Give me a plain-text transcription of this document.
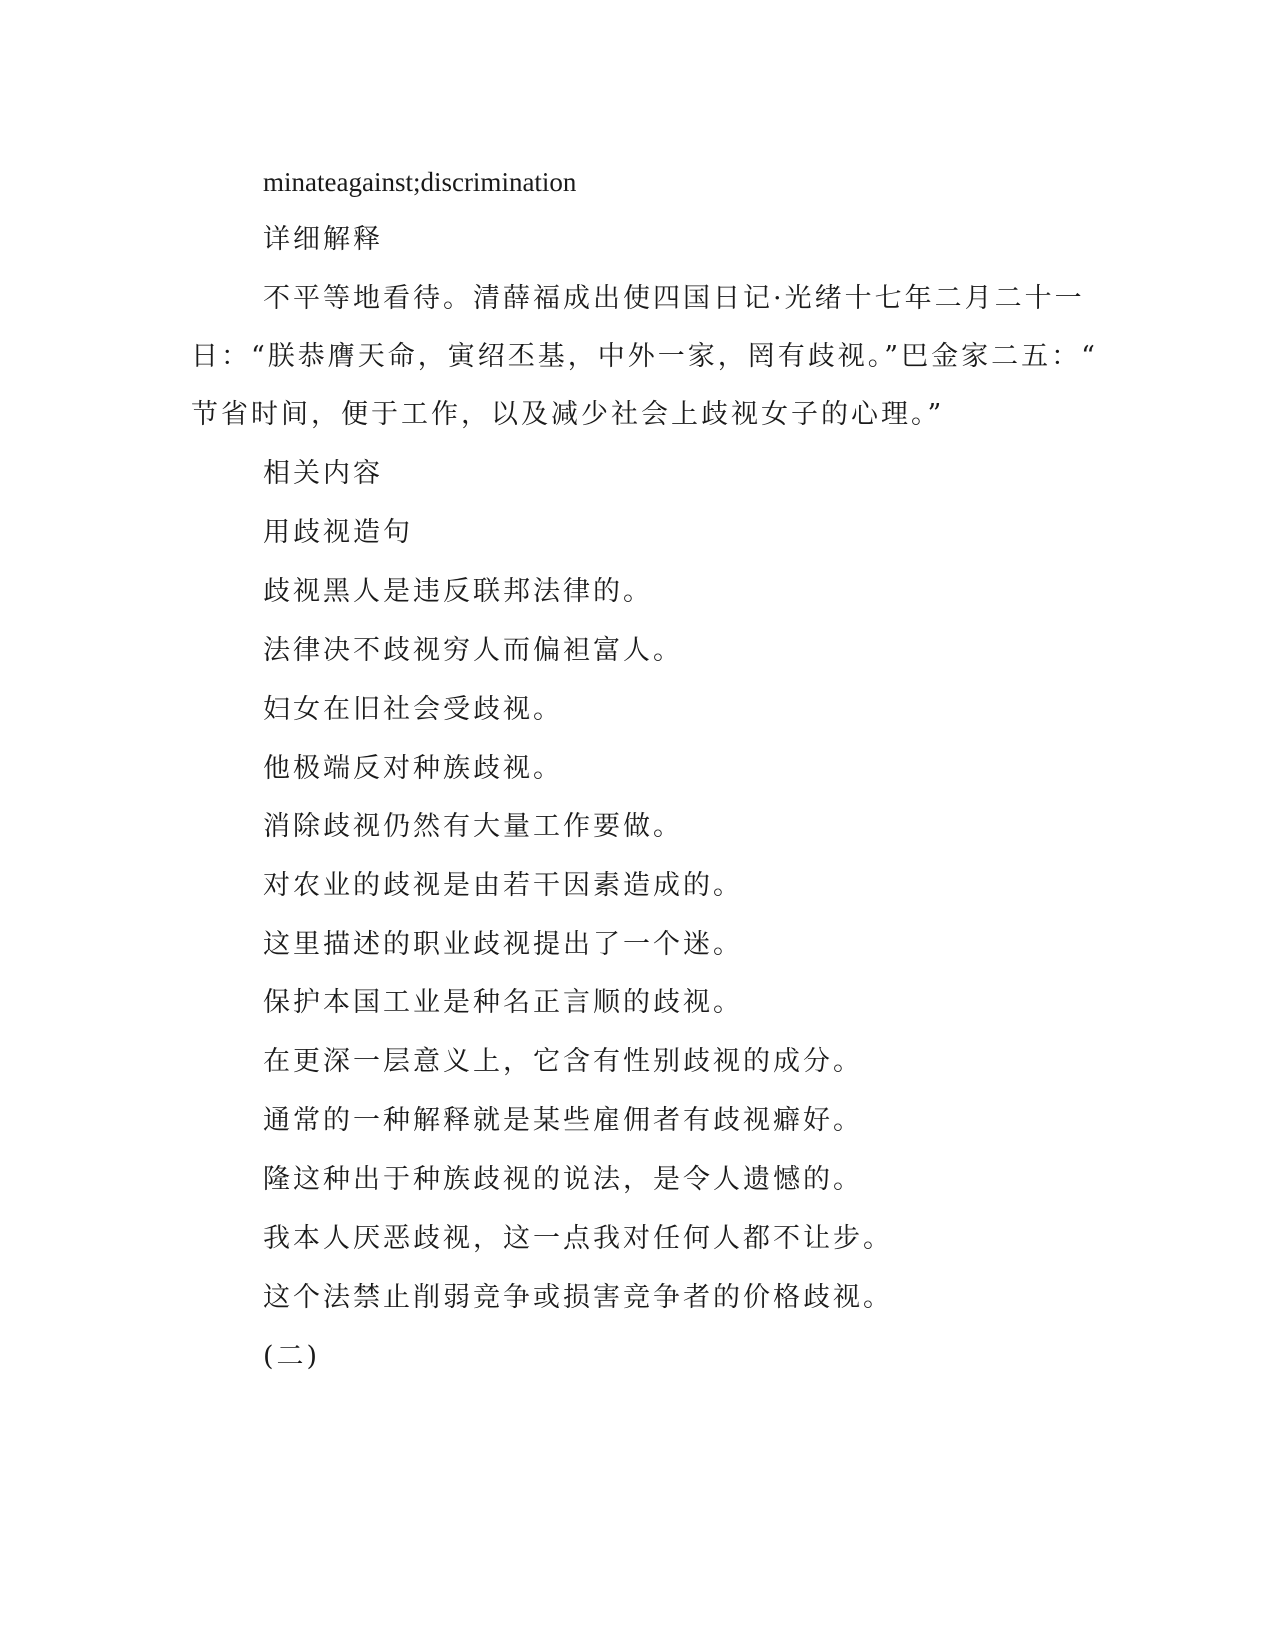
minateagainst;discrimination

详细解释

不平等地看待。清薛福成出使四国日记·光绪十七年二月二十一

日：“朕恭膺天命，寅绍丕基，中外一家，罔有歧视。”巴金家二五：“

节省时间，便于工作，以及减少社会上歧视女子的心理。”

相关内容

用歧视造句

歧视黑人是违反联邦法律的。

法律决不歧视穷人而偏袒富人。

妇女在旧社会受歧视。

他极端反对种族歧视。

消除歧视仍然有大量工作要做。

对农业的歧视是由若干因素造成的。

这里描述的职业歧视提出了一个迷。

保护本国工业是种名正言顺的歧视。

在更深一层意义上，它含有性别歧视的成分。

通常的一种解释就是某些雇佣者有歧视癖好。

隆这种出于种族歧视的说法，是令人遗憾的。

我本人厌恶歧视，这一点我对任何人都不让步。

这个法禁止削弱竞争或损害竞争者的价格歧视。

(二)
